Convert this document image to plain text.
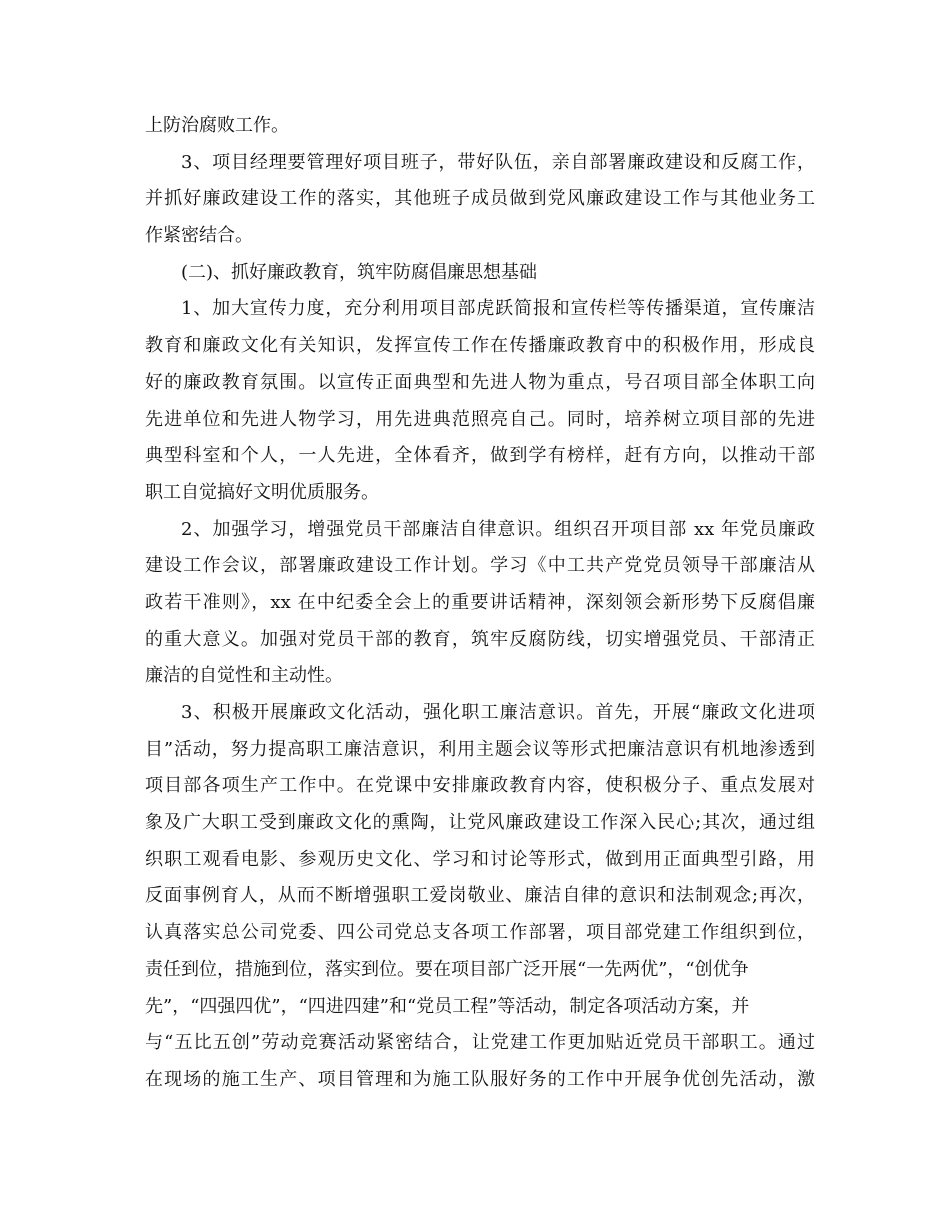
上防治腐败工作。
3、项目经理要管理好项目班子，带好队伍，亲自部署廉政建设和反腐工作，
并抓好廉政建设工作的落实，其他班子成员做到党风廉政建设工作与其他业务工
作紧密结合。
(二)、抓好廉政教育，筑牢防腐倡廉思想基础
1、加大宣传力度，充分利用项目部虎跃简报和宣传栏等传播渠道，宣传廉洁
教育和廉政文化有关知识，发挥宣传工作在传播廉政教育中的积极作用，形成良
好的廉政教育氛围。以宣传正面典型和先进人物为重点，号召项目部全体职工向
先进单位和先进人物学习，用先进典范照亮自己。同时，培养树立项目部的先进
典型科室和个人，一人先进，全体看齐，做到学有榜样，赶有方向，以推动干部
职工自觉搞好文明优质服务。
2、加强学习，增强党员干部廉洁自律意识。组织召开项目部 xx 年党员廉政
建设工作会议，部署廉政建设工作计划。学习《中工共产党党员领导干部廉洁从
政若干准则》，xx 在中纪委全会上的重要讲话精神，深刻领会新形势下反腐倡廉
的重大意义。加强对党员干部的教育，筑牢反腐防线，切实增强党员、干部清正
廉洁的自觉性和主动性。
3、积极开展廉政文化活动，强化职工廉洁意识。首先，开展“廉政文化进项
目”活动，努力提高职工廉洁意识，利用主题会议等形式把廉洁意识有机地渗透到
项目部各项生产工作中。在党课中安排廉政教育内容，使积极分子、重点发展对
象及广大职工受到廉政文化的熏陶，让党风廉政建设工作深入民心;其次，通过组
织职工观看电影、参观历史文化、学习和讨论等形式，做到用正面典型引路，用
反面事例育人，从而不断增强职工爱岗敬业、廉洁自律的意识和法制观念;再次，
认真落实总公司党委、四公司党总支各项工作部署，项目部党建工作组织到位，
责任到位，措施到位，落实到位。要在项目部广泛开展“一先两优”，“创优争
先”，“四强四优”，“四进四建”和“党员工程”等活动，制定各项活动方案，并
与“五比五创”劳动竞赛活动紧密结合，让党建工作更加贴近党员干部职工。通过
在现场的施工生产、项目管理和为施工队服好务的工作中开展争优创先活动，激
